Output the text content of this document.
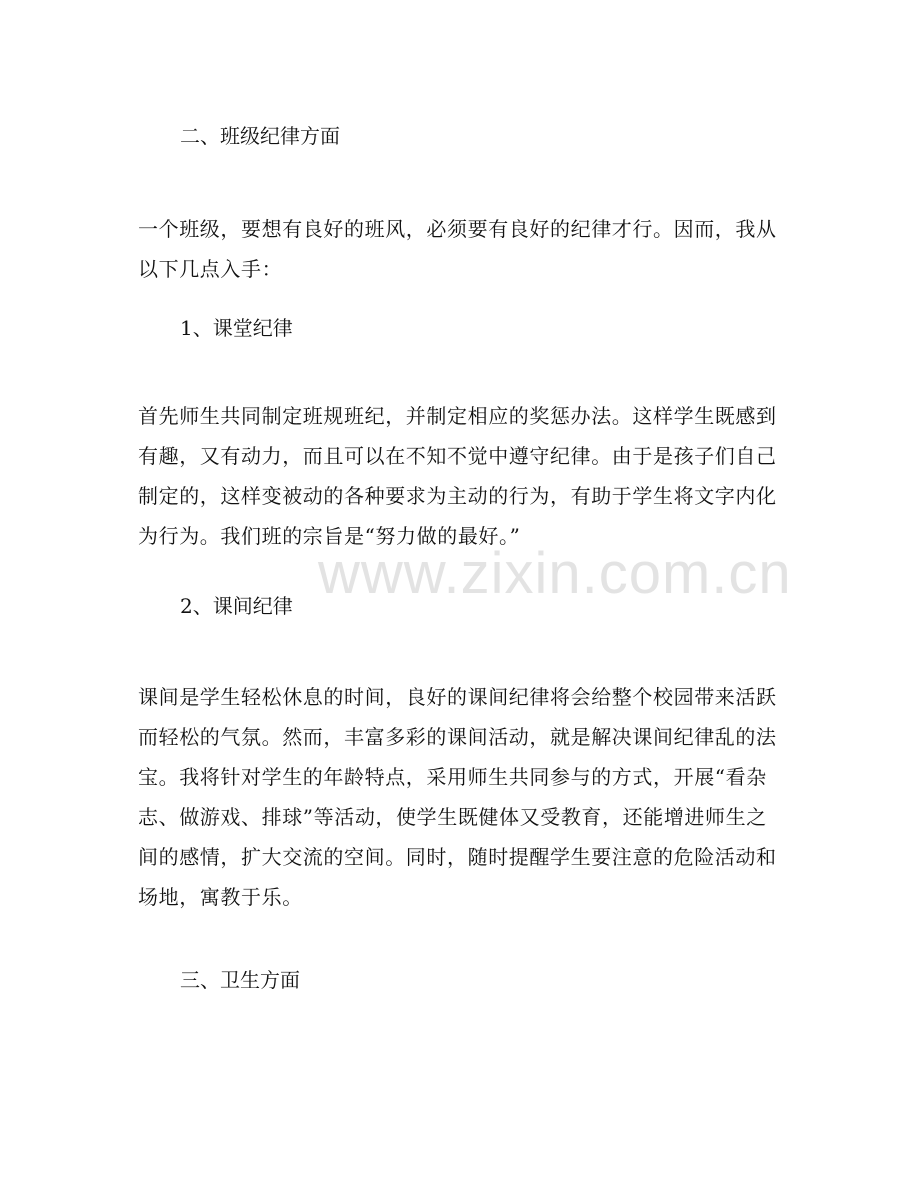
www.zixin.com.cn
二、班级纪律方面
一个班级，要想有良好的班风，必须要有良好的纪律才行。因而，我从以下几点入手：
1、课堂纪律
首先师生共同制定班规班纪，并制定相应的奖惩办法。这样学生既感到有趣，又有动力，而且可以在不知不觉中遵守纪律。由于是孩子们自己制定的，这样变被动的各种要求为主动的行为，有助于学生将文字内化为行为。我们班的宗旨是“努力做的最好。”
2、课间纪律
课间是学生轻松休息的时间，良好的课间纪律将会给整个校园带来活跃而轻松的气氛。然而，丰富多彩的课间活动，就是解决课间纪律乱的法宝。我将针对学生的年龄特点，采用师生共同参与的方式，开展“看杂志、做游戏、排球”等活动，使学生既健体又受教育，还能增进师生之间的感情，扩大交流的空间。同时，随时提醒学生要注意的危险活动和场地，寓教于乐。
三、卫生方面
